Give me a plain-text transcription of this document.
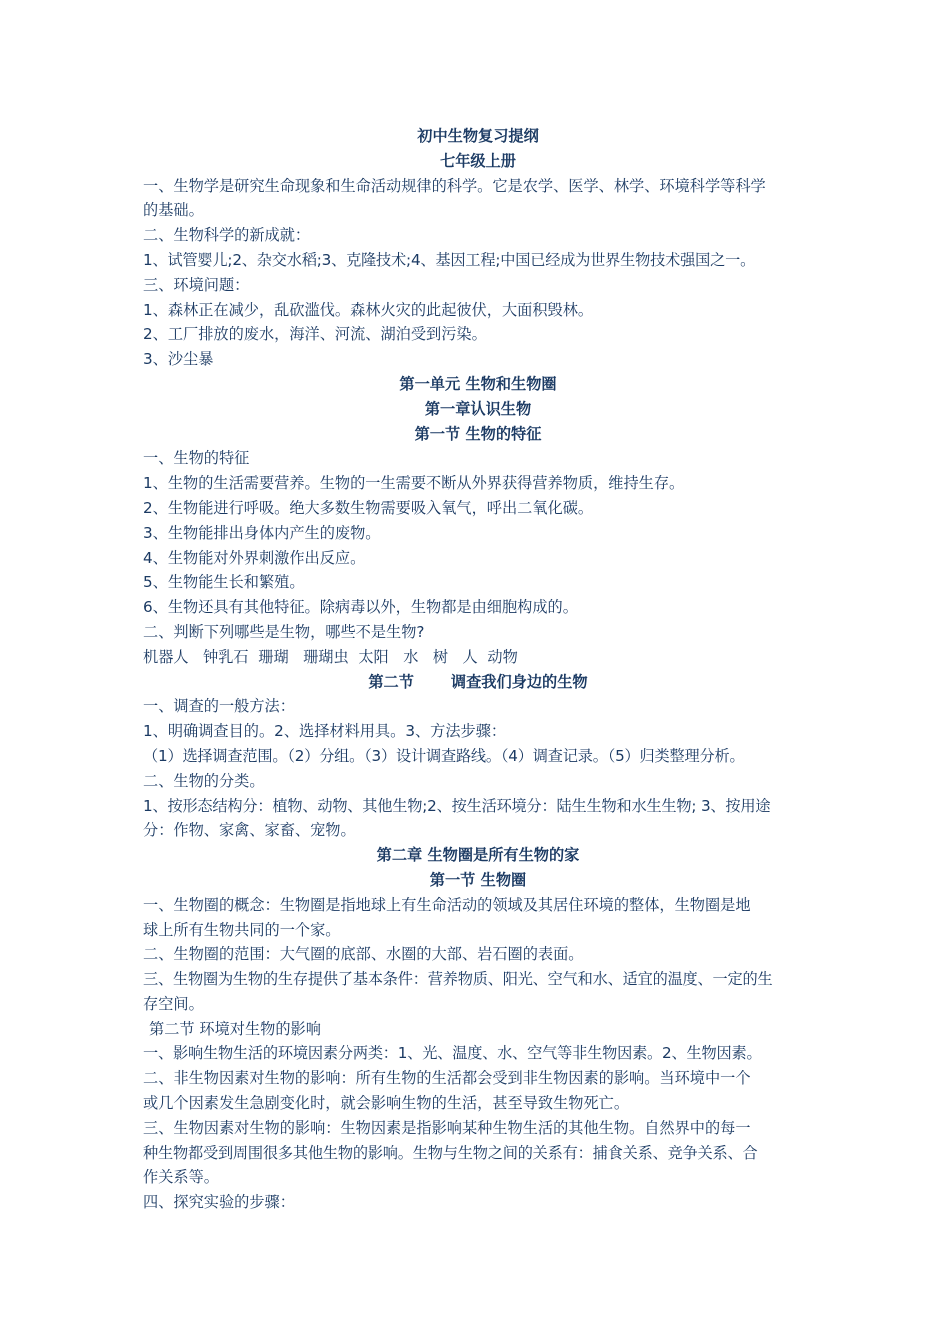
初中生物复习提纲
七年级上册
一、生物学是研究生命现象和生命活动规律的科学。它是农学、医学、林学、环境科学等科学
的基础。
二、生物科学的新成就：
1、试管婴儿;2、杂交水稻;3、克隆技术;4、基因工程;中国已经成为世界生物技术强国之一。
三、环境问题：
1、森林正在减少，乱砍滥伐。森林火灾的此起彼伏，大面积毁林。
2、工厂排放的废水，海洋、河流、湖泊受到污染。
3、沙尘暴
第一单元 生物和生物圈
第一章认识生物
第一节 生物的特征
一、生物的特征
1、生物的生活需要营养。生物的一生需要不断从外界获得营养物质，维持生存。
2、生物能进行呼吸。绝大多数生物需要吸入氧气，呼出二氧化碳。
3、生物能排出身体内产生的废物。
4、生物能对外界刺激作出反应。
5、生物能生长和繁殖。
6、生物还具有其他特征。除病毒以外，生物都是由细胞构成的。
二、判断下列哪些是生物，哪些不是生物?
机器人   钟乳石  珊瑚   珊瑚虫  太阳   水   树   人  动物
第二节       调查我们身边的生物
一、调查的一般方法：
1、明确调查目的。2、选择材料用具。3、方法步骤：
（1）选择调查范围。（2）分组。（3）设计调查路线。（4）调查记录。（5）归类整理分析。
二、生物的分类。
1、按形态结构分：植物、动物、其他生物;2、按生活环境分：陆生生物和水生生物; 3、按用途
分：作物、家禽、家畜、宠物。
第二章 生物圈是所有生物的家
第一节 生物圈
一、生物圈的概念：生物圈是指地球上有生命活动的领域及其居住环境的整体，生物圈是地
球上所有生物共同的一个家。
二、生物圈的范围：大气圈的底部、水圈的大部、岩石圈的表面。
三、生物圈为生物的生存提供了基本条件：营养物质、阳光、空气和水、适宜的温度、一定的生
存空间。
第二节 环境对生物的影响
一、影响生物生活的环境因素分两类：1、光、温度、水、空气等非生物因素。2、生物因素。
二、非生物因素对生物的影响：所有生物的生活都会受到非生物因素的影响。当环境中一个
或几个因素发生急剧变化时，就会影响生物的生活，甚至导致生物死亡。
三、生物因素对生物的影响：生物因素是指影响某种生物生活的其他生物。自然界中的每一
种生物都受到周围很多其他生物的影响。生物与生物之间的关系有：捕食关系、竞争关系、合
作关系等。
四、探究实验的步骤：
